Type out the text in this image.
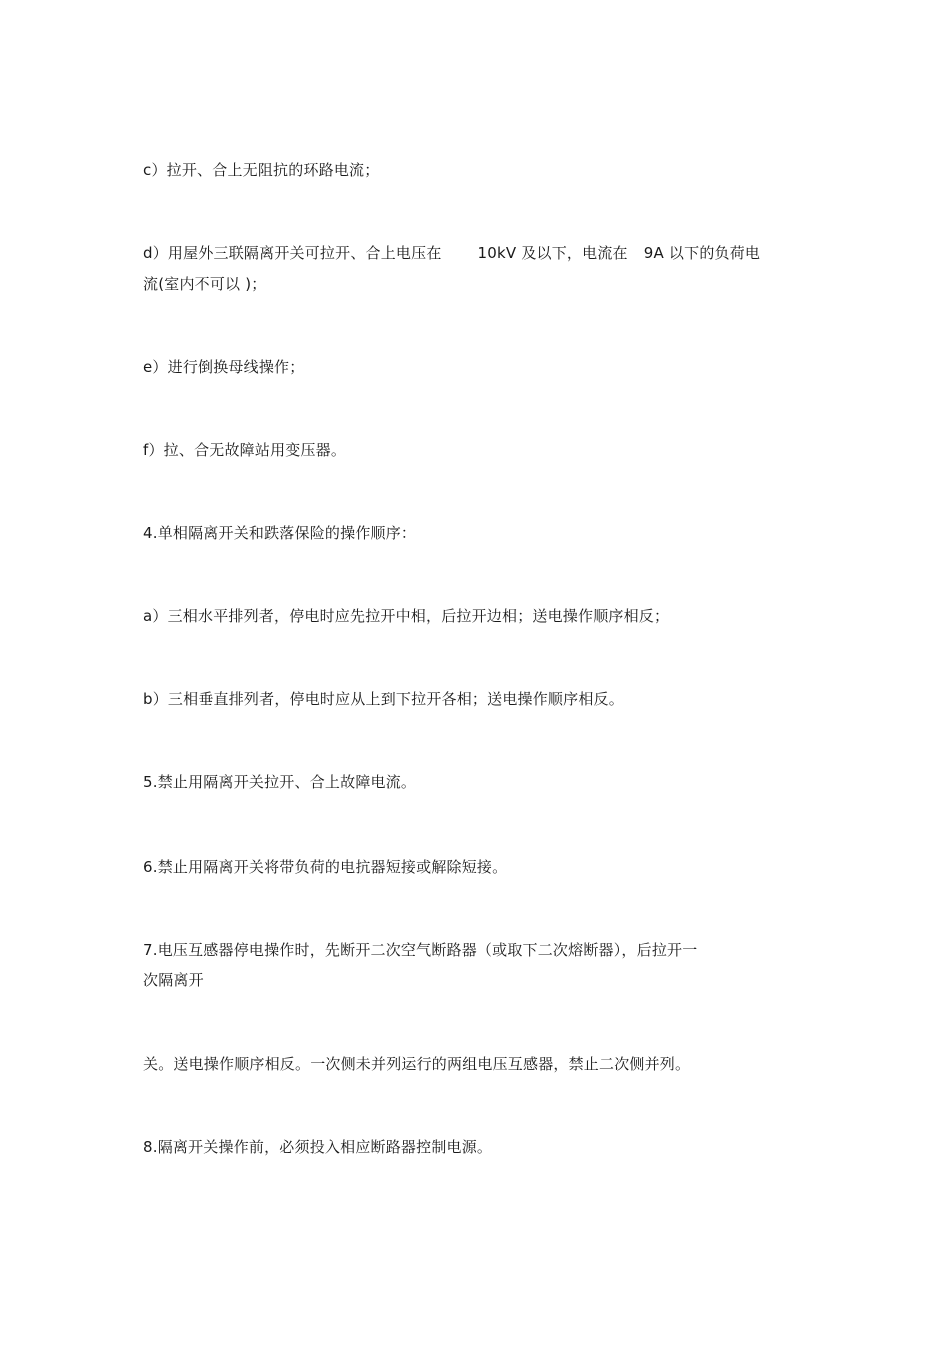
c）拉开、合上无阻抗的环路电流；
d）用屋外三联隔离开关可拉开、合上电压在 10kV 及以下，电流在 9A 以下的负荷电
流(室内不可以 )；
e）进行倒换母线操作；
f）拉、合无故障站用变压器。
4.单相隔离开关和跌落保险的操作顺序：
a）三相水平排列者，停电时应先拉开中相，后拉开边相；送电操作顺序相反；
b）三相垂直排列者，停电时应从上到下拉开各相；送电操作顺序相反。
5.禁止用隔离开关拉开、合上故障电流。
6.禁止用隔离开关将带负荷的电抗器短接或解除短接。
7.电压互感器停电操作时，先断开二次空气断路器（或取下二次熔断器），后拉开一
次隔离开
关。送电操作顺序相反。一次侧未并列运行的两组电压互感器，禁止二次侧并列。
8.隔离开关操作前，必须投入相应断路器控制电源。
